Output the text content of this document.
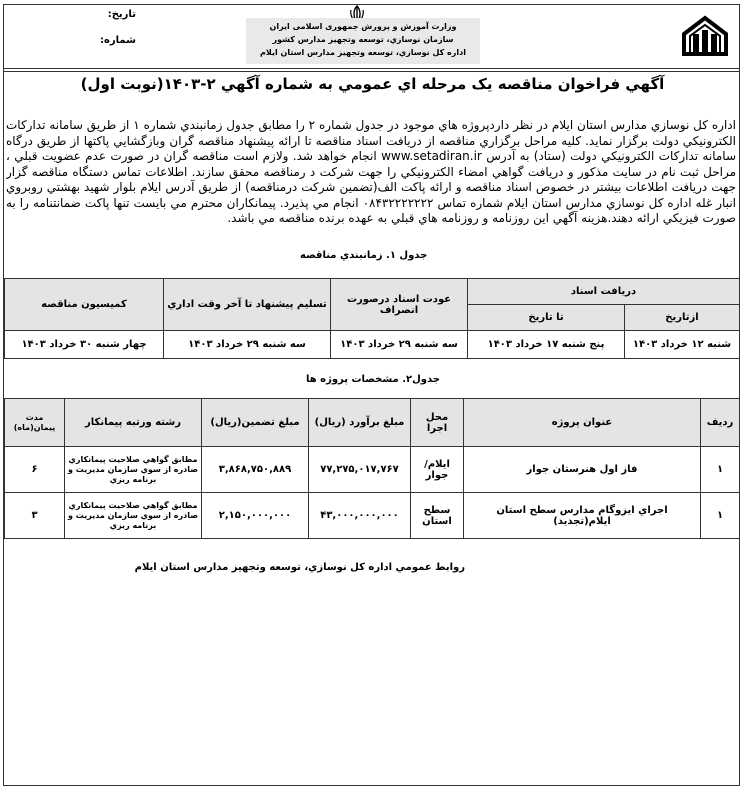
تاريخ:
شماره:
وزارت آموزش و پرورش جمهوری اسلامی ایران
سازمان نوسازي، توسعه وتجهيز مدارس کشور
اداره کل نوسازي، توسعه وتجهيز مدارس استان ايلام
آگهي فراخوان مناقصه يک مرحله اي عمومي به شماره آگهي ۲-۱۴۰۳(نوبت اول)
اداره کل نوسازي مدارس استان ايلام در نظر داردپروژه هاي موجود در جدول شماره ۲ را مطابق جدول زمانبندي شماره ۱ از طريق سامانه تدارکات الکترونيکي دولت برگزار نمايد. کليه مراحل برگزاري مناقصه از دريافت اسناد مناقصه تا ارائه پيشنهاد مناقصه گران وبازگشايي پاکتها از طريق درگاه سامانه تدارکات الکترونيکي دولت (ستاد) به آدرس www.setadiran.ir انجام خواهد شد. ولازم است مناقصه گران در صورت عدم عضويت قبلي ، مراحل ثبت نام در سايت مذکور و دريافت گواهي امضاء الکترونيکي را جهت شرکت د رمناقصه محقق سازند. اطلاعات تماس دستگاه مناقصه گزار جهت دريافت اطلاعات بيشتر در خصوص اسناد مناقصه و ارائه پاکت الف(تضمين شرکت درمناقصه) از طريق آدرس ايلام بلوار شهيد بهشتي روبروي انبار غله اداره کل نوسازي مدارس استان ايلام شماره تماس ۰۸۴۳۲۲۲۲۲۲۲ انجام مي پذيرد. پيمانکاران محترم مي بايست تنها پاکت ضمانتنامه را به صورت فيزيکي ارائه دهند.هزينه آگهي اين روزنامه و روزنامه هاي قبلي به عهده برنده مناقصه مي باشد.
جدول ۱. زمانبندي مناقصه
دريافت اسناد		عودت اسناد درصورت انصراف	تسليم پيشنهاد تا آخر وقت اداري	کميسيون مناقصه
ازتاريخ	تا تاريخ			
شنبه ۱۲ خرداد ۱۴۰۳	پنج شنبه ۱۷ خرداد ۱۴۰۳	سه شنبه ۲۹ خرداد ۱۴۰۳	سه شنبه ۲۹ خرداد ۱۴۰۳	چهار شنبه ۳۰ خرداد ۱۴۰۳
جدول۲. مشخصات پروژه ها
رديف	عنوان پروژه	محل اجرا	مبلغ برآورد (ريال)	مبلغ تضمين(ريال)	رشته ورتبه پيمانکار	مدت پيمان(ماه)
۱	فاز اول هنرستان جوار	ايلام/جوار	۷۷,۲۷۵,۰۱۷,۷۶۷	۳,۸۶۸,۷۵۰,۸۸۹	مطابق گواهي صلاحيت پيمانکاري صادره از سوي سازمان مديريت و برنامه ريزي	۶
۱	اجراي ايزوگام مدارس سطح استان ايلام(تجديد)	سطح استان	۴۳,۰۰۰,۰۰۰,۰۰۰	۲,۱۵۰,۰۰۰,۰۰۰	مطابق گواهي صلاحيت پيمانکاري صادره از سوي سازمان مديريت و برنامه ريزي	۳
روابط عمومي اداره کل نوسازي، توسعه وتجهيز مدارس استان ايلام
